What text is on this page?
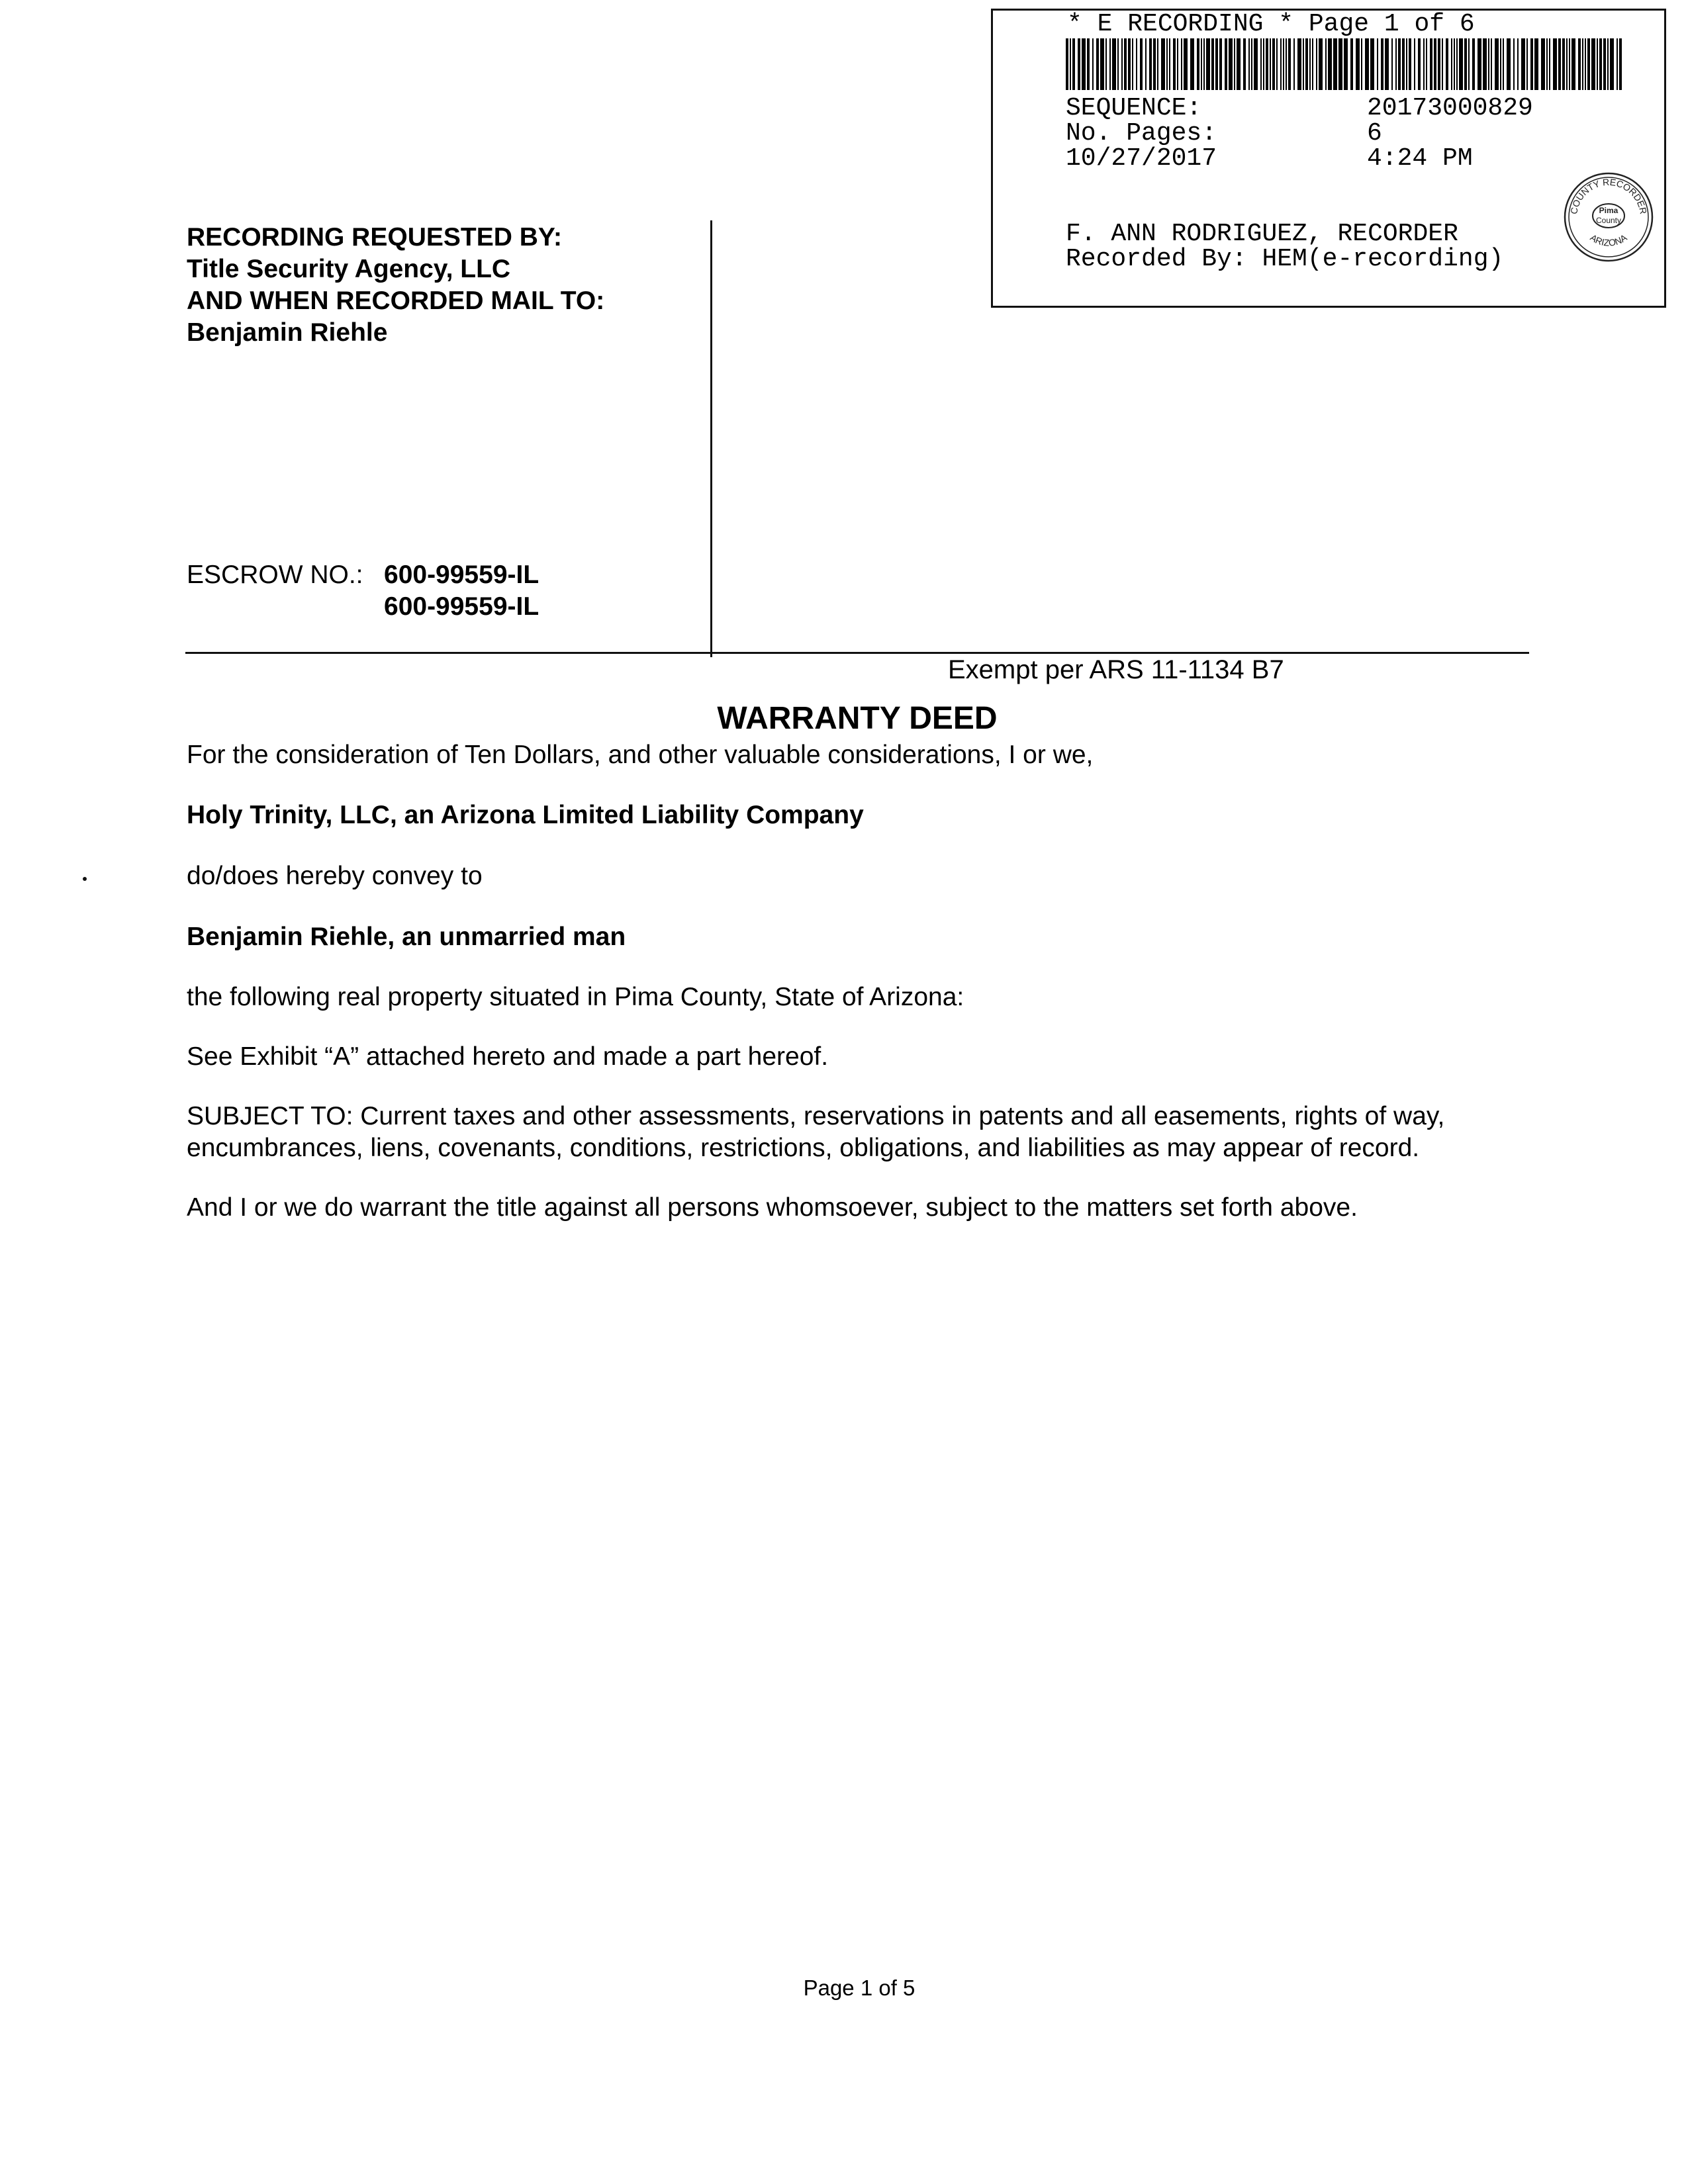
* E RECORDING * Page 1 of 6
SEQUENCE:	20173000829
No. Pages:	6
10/27/2017	4:24 PM
F. ANN RODRIGUEZ, RECORDER
Recorded By: HEM(e-recording)
COUNTY RECORDER
ARIZONA
Pima
County
RECORDING REQUESTED BY:
Title Security Agency, LLC
AND WHEN RECORDED MAIL TO:
Benjamin Riehle
ESCROW NO.: 600-99559-IL
600-99559-IL
Exempt per ARS 11-1134 B7
WARRANTY DEED
For the consideration of Ten Dollars, and other valuable considerations, I or we,
Holy Trinity, LLC, an Arizona Limited Liability Company
do/does hereby convey to
Benjamin Riehle, an unmarried man
the following real property situated in Pima County, State of Arizona:
See Exhibit “A” attached hereto and made a part hereof.
SUBJECT TO: Current taxes and other assessments, reservations in patents and all easements, rights of way,
encumbrances, liens, covenants, conditions, restrictions, obligations, and liabilities as may appear of record.
And I or we do warrant the title against all persons whomsoever, subject to the matters set forth above.
Page 1 of 5
